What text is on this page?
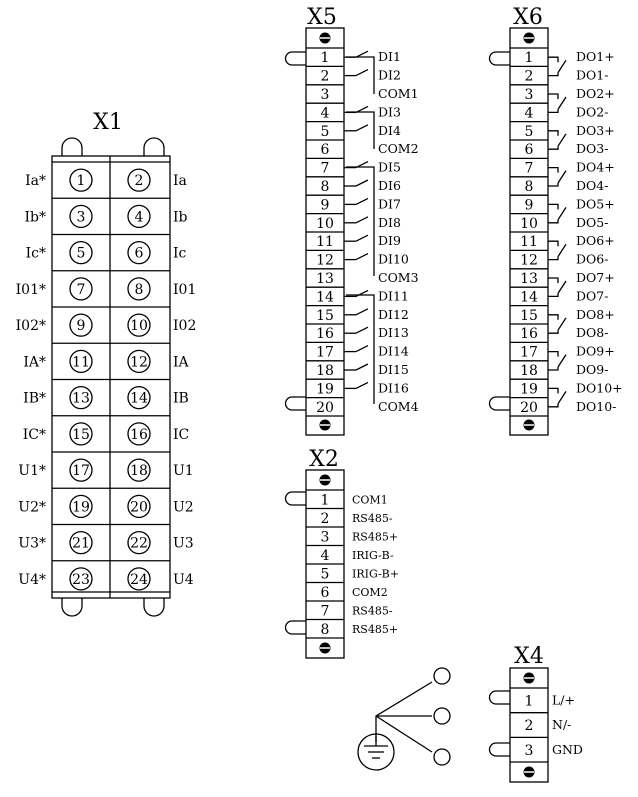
X1
Ia* 1	2 Ia
Ib* 3	4 Ib
Ic* 5	6 Ic
I01* 7	8 I01
I02* 9	10 I02
IA* 11	12 IA
IB* 13	14 IB
IC* 15	16 IC
U1* 17	18 U1
U2* 19	20 U2
U3* 21	22 U3
U4* 23	24 U4
X5
1	DI1
2	DI2
3	COM1
4	DI3
5	DI4
6	COM2
7	DI5
8	DI6
9	DI7
10	DI8
11	DI9
12	DI10
13	COM3
14	DI11
15	DI12
16	DI13
17	DI14
18	DI15
19	DI16
20	COM4
X6
1	DO1+
2	DO1-
3	DO2+
4	DO2-
5	DO3+
6	DO3-
7	DO4+
8	DO4-
9	DO5+
10	DO5-
11	DO6+
12	DO6-
13	DO7+
14	DO7-
15	DO8+
16	DO8-
17	DO9+
18	DO9-
19	DO10+
20	DO10-
X2
1 COM1
2 RS485-
3 RS485+
4 IRIG-B-
5 IRIG-B+
6 COM2
7 RS485-
8 RS485+
X4
1 L/+
2 N/-
3 GND
